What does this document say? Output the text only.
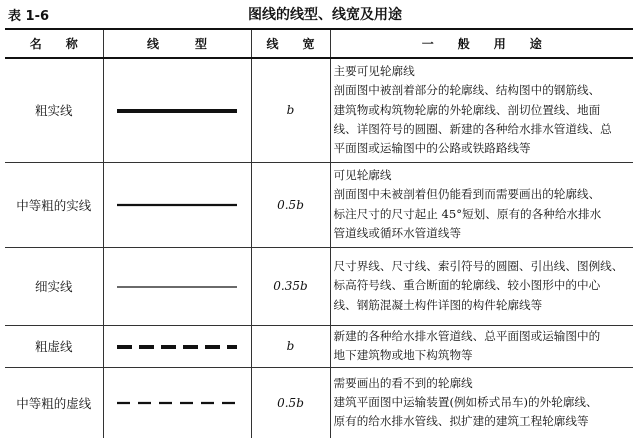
表 1-6	图线的线型、线宽及用途
名　　称	线　　　型	线　　宽	一　　般　　用　　途
粗实线		b	主要可见轮廓线
剖面图中被剖着部分的轮廓线、结构图中的钢筋线、
建筑物或构筑物轮廓的外轮廓线、剖切位置线、地面
线、详图符号的圆圈、新建的各种给水排水管道线、总
平面图或运输图中的公路或铁路路线等

中等粗的实线		0.5b	可见轮廓线
剖面图中未被剖着但仍能看到而需要画出的轮廓线、
标注尺寸的尺寸起止 45°短划、原有的各种给水排水
管道线或循环水管道线等

细实线		0.35b	尺寸界线、尺寸线、索引符号的圆圈、引出线、图例线、
标高符号线、重合断面的轮廓线、较小图形中的中心
线、钢筋混凝土构件详图的构件轮廓线等

粗虚线		b	新建的各种给水排水管道线、总平面图或运输图中的
地下建筑物或地下构筑物等

中等粗的虚线		0.5b	需要画出的看不到的轮廓线
建筑平面图中运输装置(例如桥式吊车)的外轮廓线、
原有的给水排水管线、拟扩建的建筑工程轮廓线等
